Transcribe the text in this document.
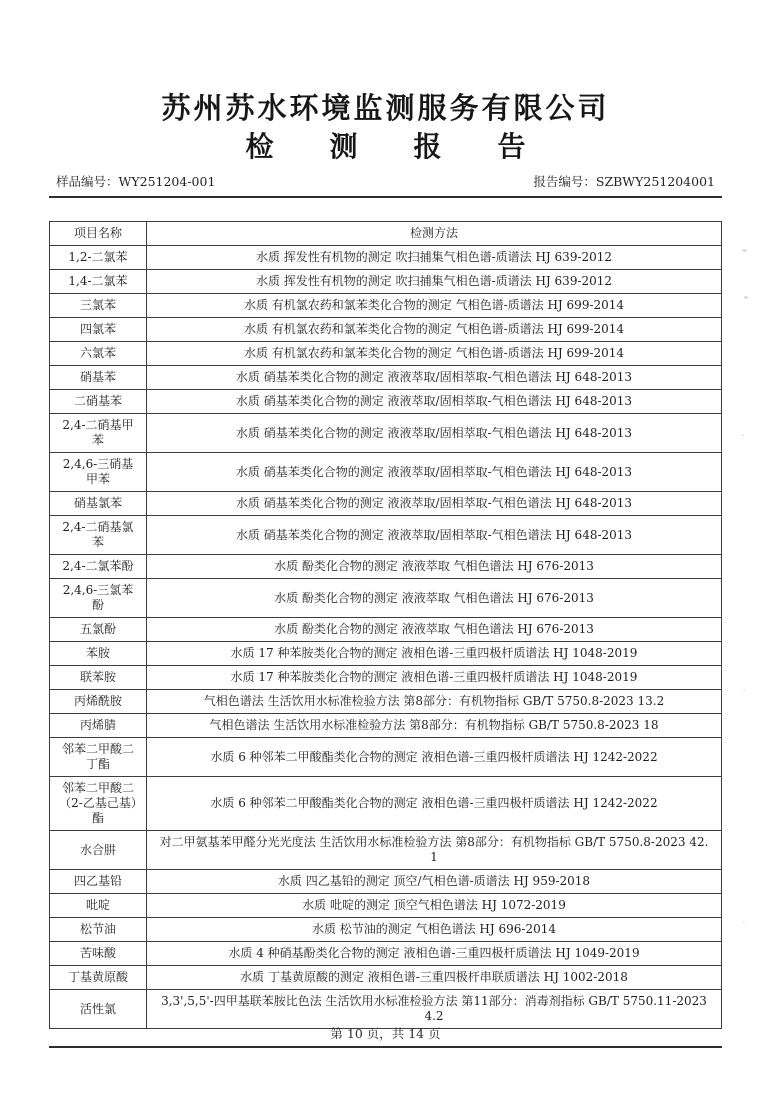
苏州苏水环境监测服务有限公司
检测报告
样品编号：WY251204-001	报告编号：SZBWY251204001
项目名称	检测方法
1,2-二氯苯	水质 挥发性有机物的测定 吹扫捕集气相色谱-质谱法 HJ 639-2012
1,4-二氯苯	水质 挥发性有机物的测定 吹扫捕集气相色谱-质谱法 HJ 639-2012
三氯苯	水质 有机氯农药和氯苯类化合物的测定 气相色谱-质谱法 HJ 699-2014
四氯苯	水质 有机氯农药和氯苯类化合物的测定 气相色谱-质谱法 HJ 699-2014
六氯苯	水质 有机氯农药和氯苯类化合物的测定 气相色谱-质谱法 HJ 699-2014
硝基苯	水质 硝基苯类化合物的测定 液液萃取/固相萃取-气相色谱法 HJ 648-2013
二硝基苯	水质 硝基苯类化合物的测定 液液萃取/固相萃取-气相色谱法 HJ 648-2013
2,4-二硝基甲苯	水质 硝基苯类化合物的测定 液液萃取/固相萃取-气相色谱法 HJ 648-2013
2,4,6-三硝基甲苯	水质 硝基苯类化合物的测定 液液萃取/固相萃取-气相色谱法 HJ 648-2013
硝基氯苯	水质 硝基苯类化合物的测定 液液萃取/固相萃取-气相色谱法 HJ 648-2013
2,4-二硝基氯苯	水质 硝基苯类化合物的测定 液液萃取/固相萃取-气相色谱法 HJ 648-2013
2,4-二氯苯酚	水质 酚类化合物的测定 液液萃取 气相色谱法 HJ 676-2013
2,4,6-三氯苯酚	水质 酚类化合物的测定 液液萃取 气相色谱法 HJ 676-2013
五氯酚	水质 酚类化合物的测定 液液萃取 气相色谱法 HJ 676-2013
苯胺	水质 17 种苯胺类化合物的测定 液相色谱-三重四极杆质谱法 HJ 1048-2019
联苯胺	水质 17 种苯胺类化合物的测定 液相色谱-三重四极杆质谱法 HJ 1048-2019
丙烯酰胺	气相色谱法 生活饮用水标准检验方法 第8部分：有机物指标 GB/T 5750.8-2023 13.2
丙烯腈	气相色谱法 生活饮用水标准检验方法 第8部分：有机物指标 GB/T 5750.8-2023 18
邻苯二甲酸二丁酯	水质 6 种邻苯二甲酸酯类化合物的测定 液相色谱-三重四极杆质谱法 HJ 1242-2022
邻苯二甲酸二（2-乙基己基）酯	水质 6 种邻苯二甲酸酯类化合物的测定 液相色谱-三重四极杆质谱法 HJ 1242-2022
水合肼	对二甲氨基苯甲醛分光光度法 生活饮用水标准检验方法 第8部分：有机物指标 GB/T 5750.8-2023 42.1
四乙基铅	水质 四乙基铅的测定 顶空/气相色谱-质谱法 HJ 959-2018
吡啶	水质 吡啶的测定 顶空气相色谱法 HJ 1072-2019
松节油	水质 松节油的测定 气相色谱法 HJ 696-2014
苦味酸	水质 4 种硝基酚类化合物的测定 液相色谱-三重四极杆质谱法 HJ 1049-2019
丁基黄原酸	水质 丁基黄原酸的测定 液相色谱-三重四极杆串联质谱法 HJ 1002-2018
活性氯	3,3',5,5'-四甲基联苯胺比色法 生活饮用水标准检验方法 第11部分：消毒剂指标 GB/T 5750.11-2023 4.2
第 10 页，共 14 页
